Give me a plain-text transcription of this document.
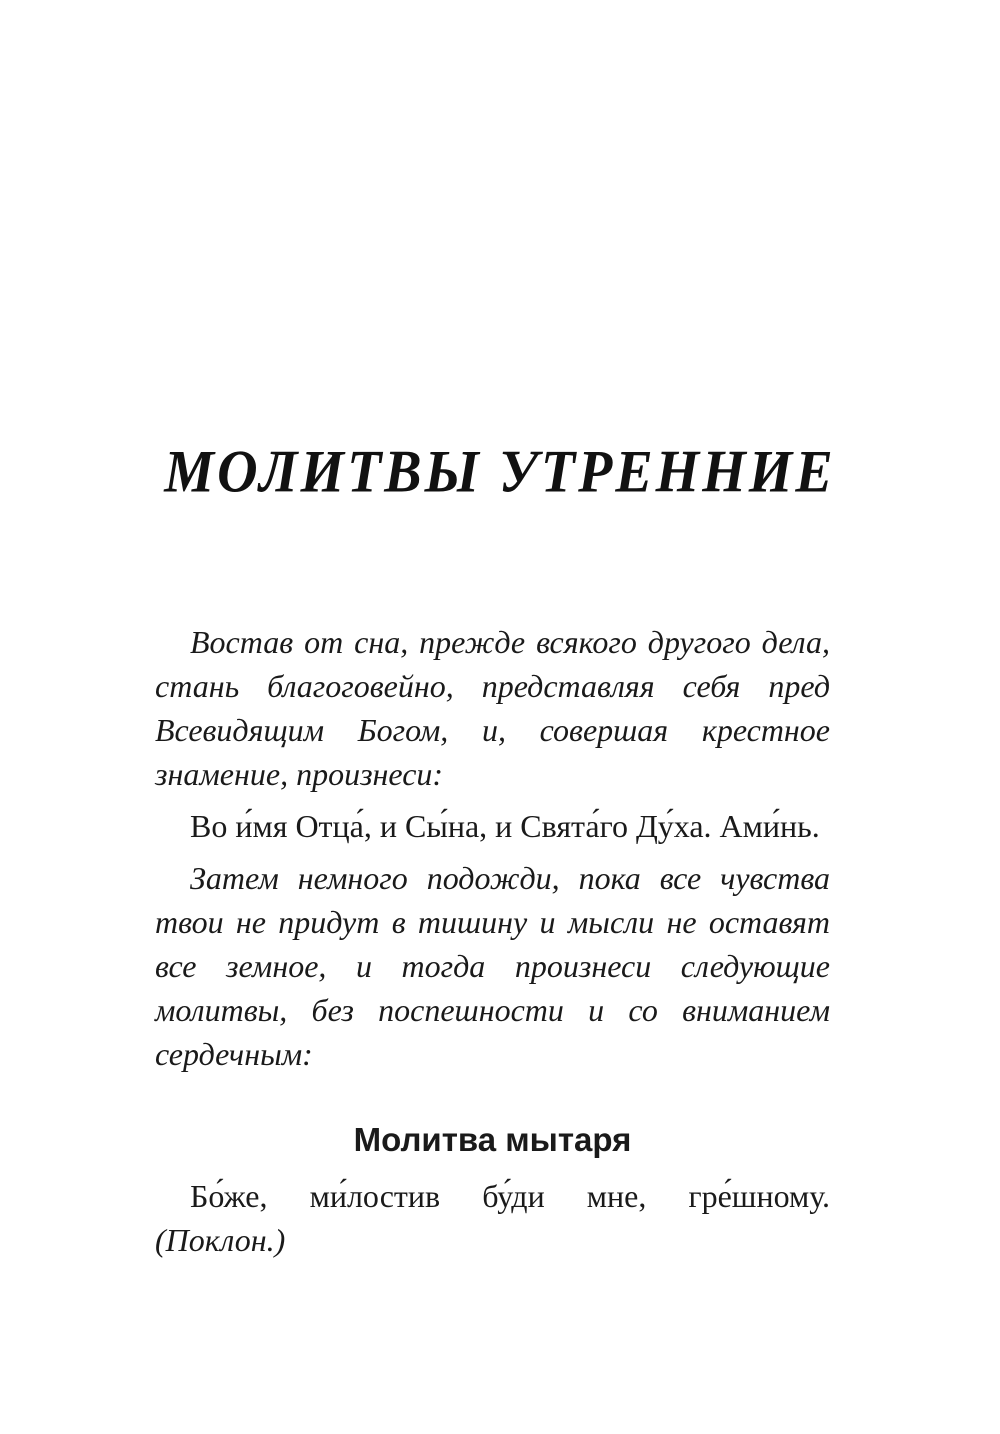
МОЛИТВЫ УТРЕННИЕ

Востав от сна, прежде всякого другого дела, стань благоговейно, представляя себя пред Всевидящим Богом, и, совершая крестное знамение, произнеси:

Во и́мя Отца́, и Сы́на, и Свята́го Ду́ха. Ами́нь.

Затем немного подожди, пока все чувства твои не придут в тишину и мысли не оставят все земное, и тогда произнеси следующие молитвы, без поспешности и со вниманием сердечным:

Молитва мытаря

Бо́же, ми́лостив бу́ди мне, гре́шному. (Поклон.)
